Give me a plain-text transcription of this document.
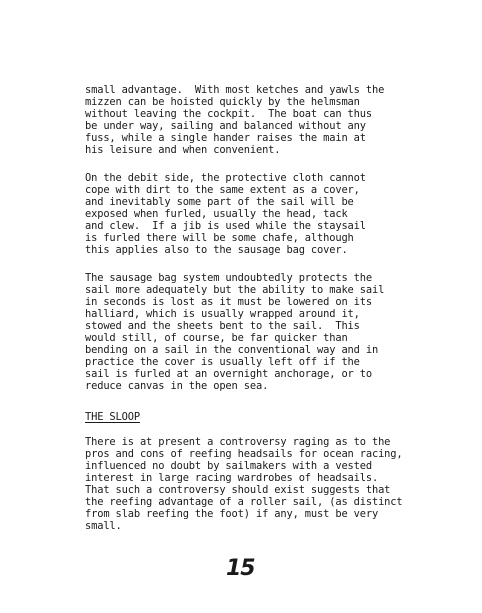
small advantage.  With most ketches and yawls the
mizzen can be hoisted quickly by the helmsman
without leaving the cockpit.  The boat can thus
be under way, sailing and balanced without any
fuss, while a single hander raises the main at
his leisure and when convenient.
On the debit side, the protective cloth cannot
cope with dirt to the same extent as a cover,
and inevitably some part of the sail will be
exposed when furled, usually the head, tack
and clew.  If a jib is used while the staysail
is furled there will be some chafe, although
this applies also to the sausage bag cover.
The sausage bag system undoubtedly protects the
sail more adequately but the ability to make sail
in seconds is lost as it must be lowered on its
halliard, which is usually wrapped around it,
stowed and the sheets bent to the sail.  This
would still, of course, be far quicker than
bending on a sail in the conventional way and in
practice the cover is usually left off if the
sail is furled at an overnight anchorage, or to
reduce canvas in the open sea.
THE SLOOP
There is at present a controversy raging as to the
pros and cons of reefing headsails for ocean racing,
influenced no doubt by sailmakers with a vested
interest in large racing wardrobes of headsails.
That such a controversy should exist suggests that
the reefing advantage of a roller sail, (as distinct
from slab reefing the foot) if any, must be very
small.
15
